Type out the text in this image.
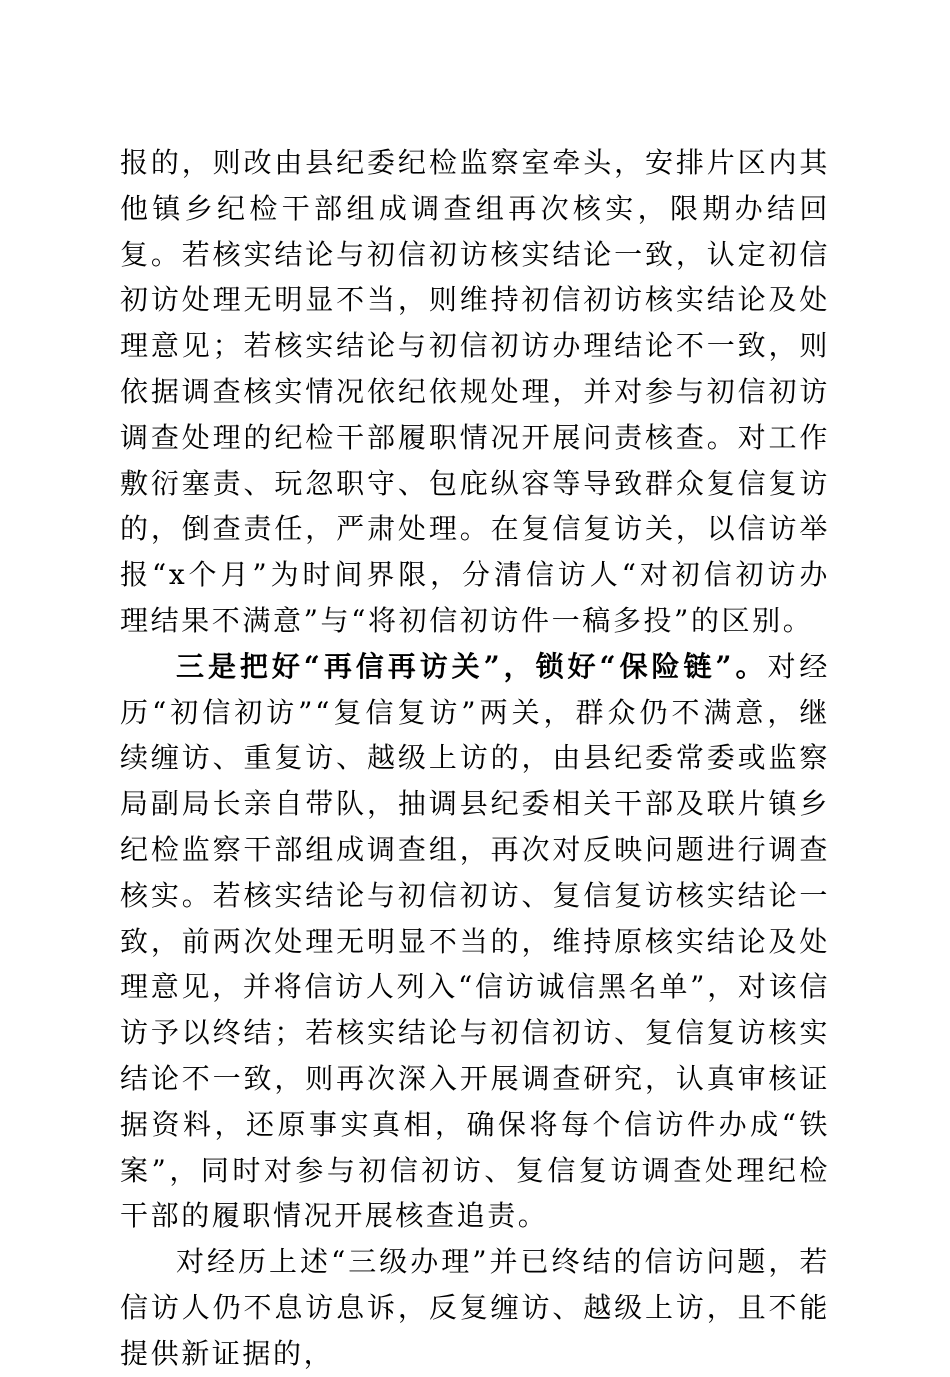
报的，则改由县纪委纪检监察室牵头，安排片区内其他镇乡纪检干部组成调查组再次核实，限期办结回复。若核实结论与初信初访核实结论一致，认定初信初访处理无明显不当，则维持初信初访核实结论及处理意见；若核实结论与初信初访办理结论不一致，则依据调查核实情况依纪依规处理，并对参与初信初访调查处理的纪检干部履职情况开展问责核查。对工作敷衍塞责、玩忽职守、包庇纵容等导致群众复信复访的，倒查责任，严肃处理。在复信复访关，以信访举报“x个月”为时间界限，分清信访人“对初信初访办理结果不满意”与“将初信初访件一稿多投”的区别。

三是把好“再信再访关”，锁好“保险链”。对经历“初信初访”“复信复访”两关，群众仍不满意，继续缠访、重复访、越级上访的，由县纪委常委或监察局副局长亲自带队，抽调县纪委相关干部及联片镇乡纪检监察干部组成调查组，再次对反映问题进行调查核实。若核实结论与初信初访、复信复访核实结论一致，前两次处理无明显不当的，维持原核实结论及处理意见，并将信访人列入“信访诚信黑名单”，对该信访予以终结；若核实结论与初信初访、复信复访核实结论不一致，则再次深入开展调查研究，认真审核证据资料，还原事实真相，确保将每个信访件办成“铁案”，同时对参与初信初访、复信复访调查处理纪检干部的履职情况开展核查追责。

对经历上述“三级办理”并已终结的信访问题，若信访人仍不息访息诉，反复缠访、越级上访，且不能提供新证据的，
